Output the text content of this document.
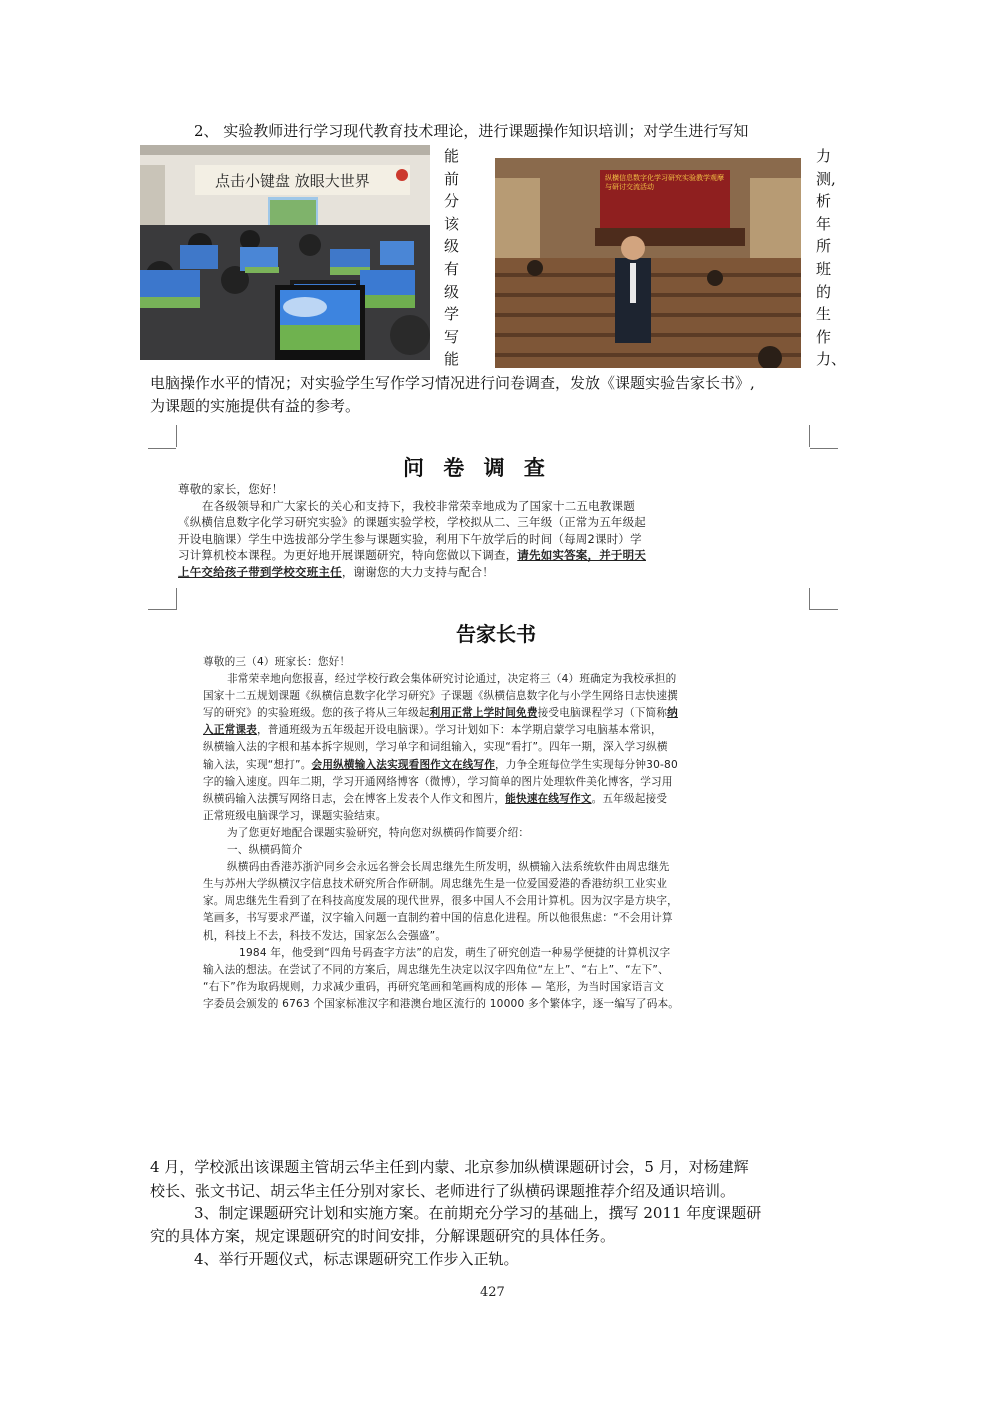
2、 实验教师进行学习现代教育技术理论，进行课题操作知识培训；对学生进行写知
能
前
分
该
级
有
级
学
写
能
力
测,
析
年
所
班
的
生
作
力、
点击小键盘 放眼大世界	纵横信息数字化学习研究实验教学观摩与研讨交流活动
电脑操作水平的情况；对实验学生写作学习情况进行问卷调查，发放《课题实验告家长书》,
为课题的实施提供有益的参考。
问 卷 调 查
尊敬的家长，您好！
在各级领导和广大家长的关心和支持下，我校非常荣幸地成为了国家十二五电教课题
《纵横信息数字化学习研究实验》的课题实验学校，学校拟从二、三年级（正常为五年级起
开设电脑课）学生中选拔部分学生参与课题实验，利用下午放学后的时间（每周2课时）学
习计算机校本课程。为更好地开展课题研究，特向您做以下调查，请先如实答案，并于明天
上午交给孩子带到学校交班主任，谢谢您的大力支持与配合！
告家长书
尊敬的三（4）班家长：您好！
非常荣幸地向您报喜，经过学校行政会集体研究讨论通过，决定将三（4）班确定为我校承担的
国家十二五规划课题《纵横信息数字化学习研究》子课题《纵横信息数字化与小学生网络日志快速撰
写的研究》的实验班级。您的孩子将从三年级起利用正常上学时间免费接受电脑课程学习（下简称纳
入正常课表，普通班级为五年级起开设电脑课）。学习计划如下：本学期启蒙学习电脑基本常识，
纵横输入法的字根和基本拆字规则，学习单字和词组输入，实现“看打”。四年一期，深入学习纵横
输入法，实现“想打”。会用纵横输入法实现看图作文在线写作，力争全班每位学生实现每分钟30-80
字的输入速度。四年二期，学习开通网络博客（微博），学习简单的图片处理软件美化博客，学习用
纵横码输入法撰写网络日志，会在博客上发表个人作文和图片，能快速在线写作文。五年级起接受
正常班级电脑课学习，课题实验结束。
为了您更好地配合课题实验研究，特向您对纵横码作简要介绍：
一、纵横码简介
纵横码由香港苏浙沪同乡会永远名誉会长周忠继先生所发明，纵横输入法系统软件由周忠继先
生与苏州大学纵横汉字信息技术研究所合作研制。周忠继先生是一位爱国爱港的香港纺织工业实业
家。周忠继先生看到了在科技高度发展的现代世界，很多中国人不会用计算机。因为汉字是方块字，
笔画多，书写要求严谨，汉字输入问题一直制约着中国的信息化进程。所以他很焦虑：“不会用计算
机，科技上不去，科技不发达，国家怎么会强盛”。
1984 年，他受到“四角号码查字方法”的启发，萌生了研究创造一种易学便捷的计算机汉字
输入法的想法。在尝试了不同的方案后，周忠继先生决定以汉字四角位“左上”、“右上”、“左下”、
“右下”作为取码规则，力求减少重码，再研究笔画和笔画构成的形体 — 笔形，为当时国家语言文
字委员会颁发的 6763 个国家标准汉字和港澳台地区流行的 10000 多个繁体字，逐一编写了码本。
4 月，学校派出该课题主管胡云华主任到内蒙、北京参加纵横课题研讨会，5 月，对杨建辉
校长、张文书记、胡云华主任分别对家长、老师进行了纵横码课题推荐介绍及通识培训。
3、制定课题研究计划和实施方案。在前期充分学习的基础上，撰写 2011 年度课题研
究的具体方案，规定课题研究的时间安排，分解课题研究的具体任务。
4、举行开题仪式，标志课题研究工作步入正轨。
427
